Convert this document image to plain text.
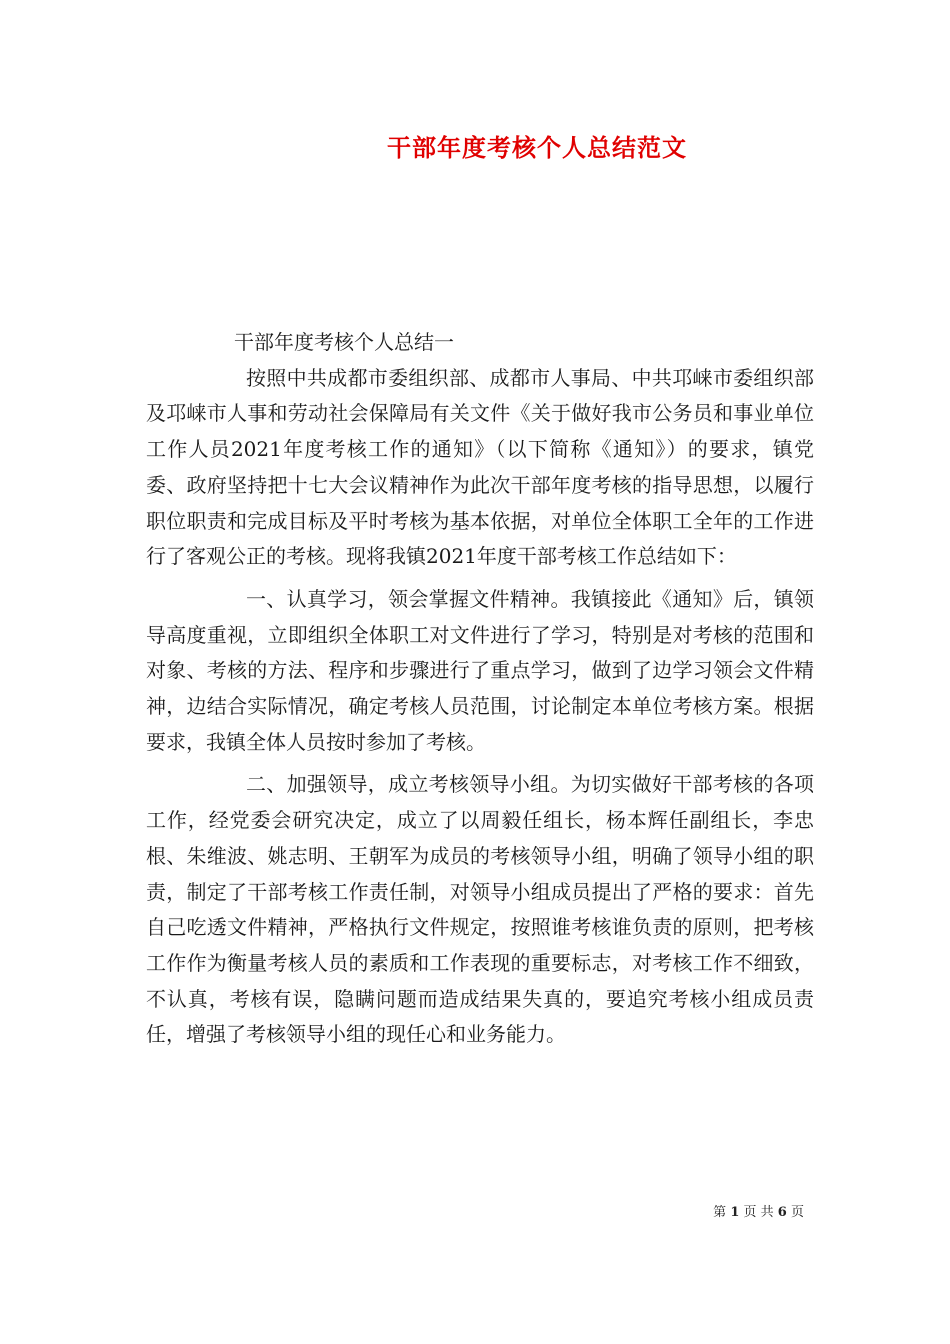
干部年度考核个人总结范文

干部年度考核个人总结一

按照中共成都市委组织部、成都市人事局、中共邛崃市委组织部及邛崃市人事和劳动社会保障局有关文件《关于做好我市公务员和事业单位工作人员2021年度考核工作的通知》（以下简称《通知》）的要求，镇党委、政府坚持把十七大会议精神作为此次干部年度考核的指导思想，以履行职位职责和完成目标及平时考核为基本依据，对单位全体职工全年的工作进行了客观公正的考核。现将我镇2021年度干部考核工作总结如下：

一、认真学习，领会掌握文件精神。我镇接此《通知》后，镇领导高度重视，立即组织全体职工对文件进行了学习，特别是对考核的范围和对象、考核的方法、程序和步骤进行了重点学习，做到了边学习领会文件精神，边结合实际情况，确定考核人员范围，讨论制定本单位考核方案。根据要求，我镇全体人员按时参加了考核。

二、加强领导，成立考核领导小组。为切实做好干部考核的各项工作，经党委会研究决定，成立了以周毅任组长，杨本辉任副组长，李忠根、朱维波、姚志明、王朝军为成员的考核领导小组，明确了领导小组的职责，制定了干部考核工作责任制，对领导小组成员提出了严格的要求：首先自己吃透文件精神，严格执行文件规定，按照谁考核谁负责的原则，把考核工作作为衡量考核人员的素质和工作表现的重要标志，对考核工作不细致，不认真，考核有误，隐瞒问题而造成结果失真的，要追究考核小组成员责任，增强了考核领导小组的现任心和业务能力。

第 1 页 共 6 页
